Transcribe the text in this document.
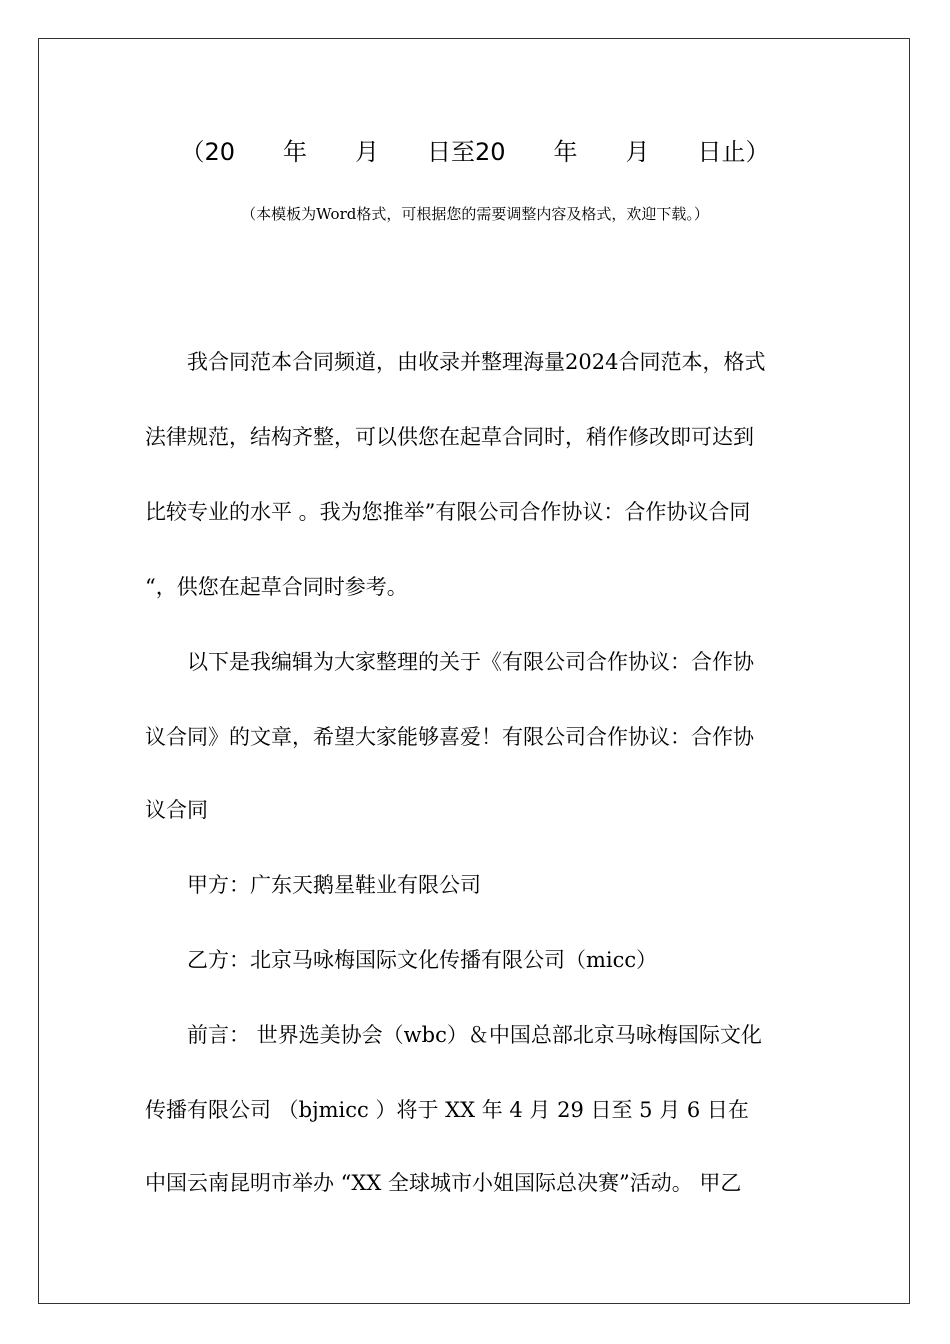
（20　　年　　月　　日至20　　年　　月　　日止）
（本模板为Word格式，可根据您的需要调整内容及格式，欢迎下载。）
　　我合同范本合同频道，由收录并整理海量2024合同范本，格式
法律规范，结构齐整，可以供您在起草合同时，稍作修改即可达到
比较专业的水平 。我为您推举”有限公司合作协议：合作协议合同
“，供您在起草合同时参考。
　　以下是我编辑为大家整理的关于《有限公司合作协议：合作协
议合同》的文章，希望大家能够喜爱！有限公司合作协议：合作协
议合同
　　甲方：广东天鹅星鞋业有限公司
　　乙方：北京马咏梅国际文化传播有限公司（micc）
　　前言： 世界选美协会（wbc）＆中国总部北京马咏梅国际文化
传播有限公司 （bjmicc ）将于 XX 年 4 月 29 日至 5 月 6 日在
中国云南昆明市举办 “XX 全球城市小姐国际总决赛”活动。 甲乙
